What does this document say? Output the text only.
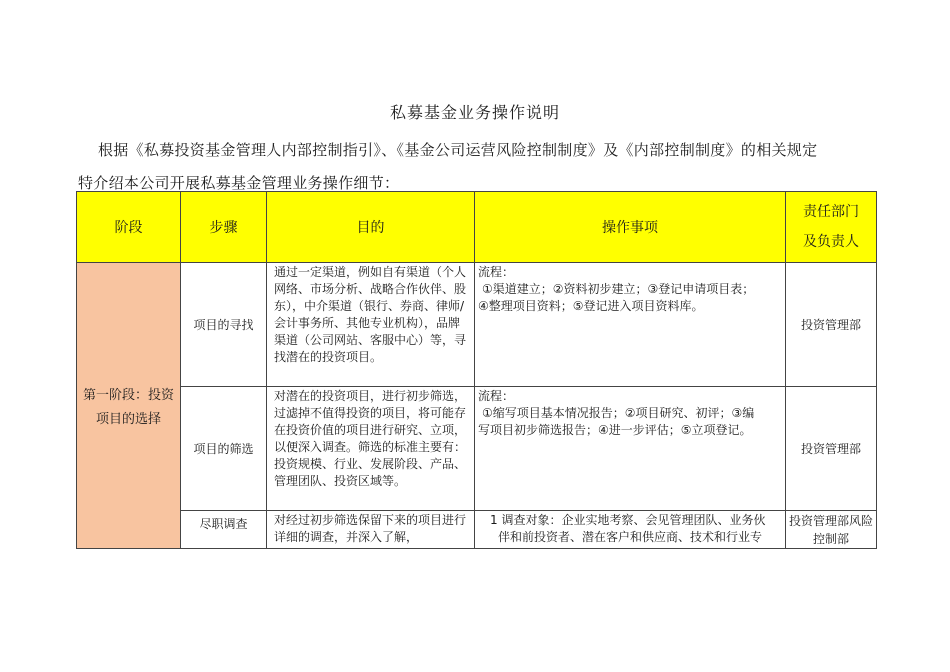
私募基金业务操作说明
根据《私募投资基金管理人内部控制指引》、《基金公司运营风险控制制度》及《内部控制制度》的相关规定
特介绍本公司开展私募基金管理业务操作细节：
阶段	步骤	目的	操作事项	责任部门
及负责人

第一阶段：投资项目的选择	项目的寻找	通过一定渠道，例如自有渠道（个人网络、市场分析、战略合作伙伴、股东），中介渠道（银行、券商、律师/会计事务所、其他专业机构），品牌渠道（公司网站、客服中心）等，寻找潜在的投资项目。	流程：
①渠道建立；②资料初步建立；③登记申请项目表；
④整理项目资料；⑤登记进入项目资料库。	投资管理部
	项目的筛选	对潜在的投资项目，进行初步筛选，过滤掉不值得投资的项目，将可能存在投资价值的项目进行研究、立项，以便深入调查。筛选的标准主要有：投资规模、行业、发展阶段、产品、管理团队、投资区域等。	流程：
①缩写项目基本情况报告；②项目研究、初评；③编
写项目初步筛选报告；④进一步评估；⑤立项登记。	投资管理部
	尽职调查	对经过初步筛选保留下来的项目进行详细的调查，并深入了解，	1 调查对象：企业实地考察、会见管理团队、业务伙
伴和前投资者、潜在客户和供应商、技术和行业专	投资管理部风险控制部
